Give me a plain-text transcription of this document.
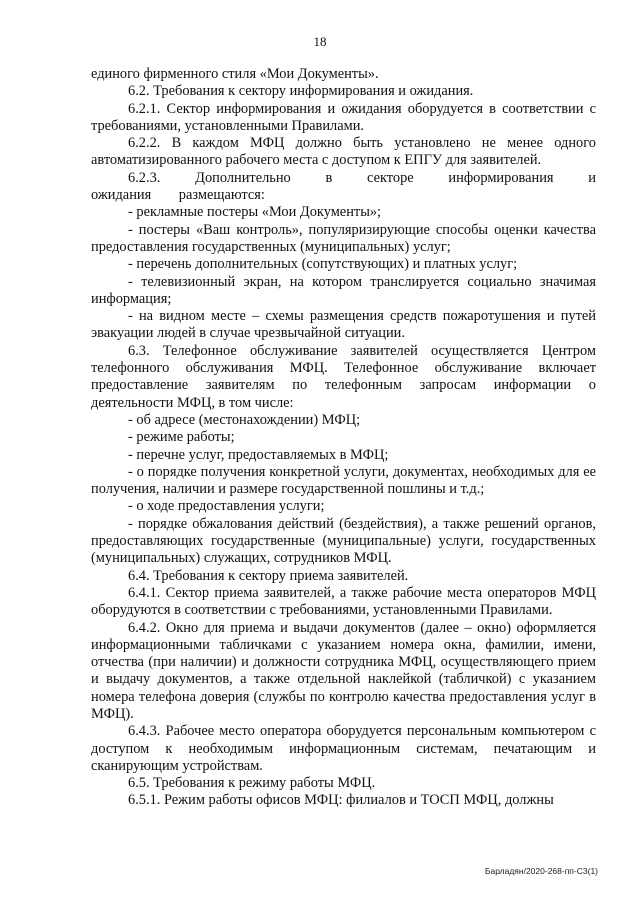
18

единого фирменного стиля «Мои Документы».

6.2. Требования к сектору информирования и ожидания.

6.2.1. Сектор информирования и ожидания оборудуется в соответствии с требованиями, установленными Правилами.

6.2.2. В каждом МФЦ должно быть установлено не менее одного автоматизированного рабочего места с доступом к ЕПГУ для заявителей.

6.2.3. Дополнительно в секторе информирования и ожидания размещаются:

- рекламные постеры «Мои Документы»;

- постеры «Ваш контроль», популяризирующие способы оценки качества предоставления государственных (муниципальных) услуг;

- перечень дополнительных (сопутствующих) и платных услуг;

- телевизионный экран, на котором транслируется социально значимая информация;

- на видном месте – схемы размещения средств пожаротушения и путей эвакуации людей в случае чрезвычайной ситуации.

6.3. Телефонное обслуживание заявителей осуществляется Центром телефонного обслуживания МФЦ. Телефонное обслуживание включает предоставление заявителям по телефонным запросам информации о деятельности МФЦ, в том числе:

- об адресе (местонахождении) МФЦ;

- режиме работы;

- перечне услуг, предоставляемых в МФЦ;

- о порядке получения конкретной услуги, документах, необходимых для ее получения, наличии и размере государственной пошлины и т.д.;

- о ходе предоставления услуги;

- порядке обжалования действий (бездействия), а также решений органов, предоставляющих государственные (муниципальные) услуги, государственных (муниципальных) служащих, сотрудников МФЦ.

6.4. Требования к сектору приема заявителей.

6.4.1. Сектор приема заявителей, а также рабочие места операторов МФЦ оборудуются в соответствии с требованиями, установленными Правилами.

6.4.2. Окно для приема и выдачи документов (далее – окно) оформляется информационными табличками с указанием номера окна, фамилии, имени, отчества (при наличии) и должности сотрудника МФЦ, осуществляющего прием и выдачу документов, а также отдельной наклейкой (табличкой) с указанием номера телефона доверия (службы по контролю качества предоставления услуг в МФЦ).

6.4.3. Рабочее место оператора оборудуется персональным компьютером с доступом к необходимым информационным системам, печатающим и сканирующим устройствам.

6.5. Требования к режиму работы МФЦ.

6.5.1. Режим работы офисов МФЦ: филиалов и ТОСП МФЦ, должны

Барладян/2020-268-пп-С3(1)
